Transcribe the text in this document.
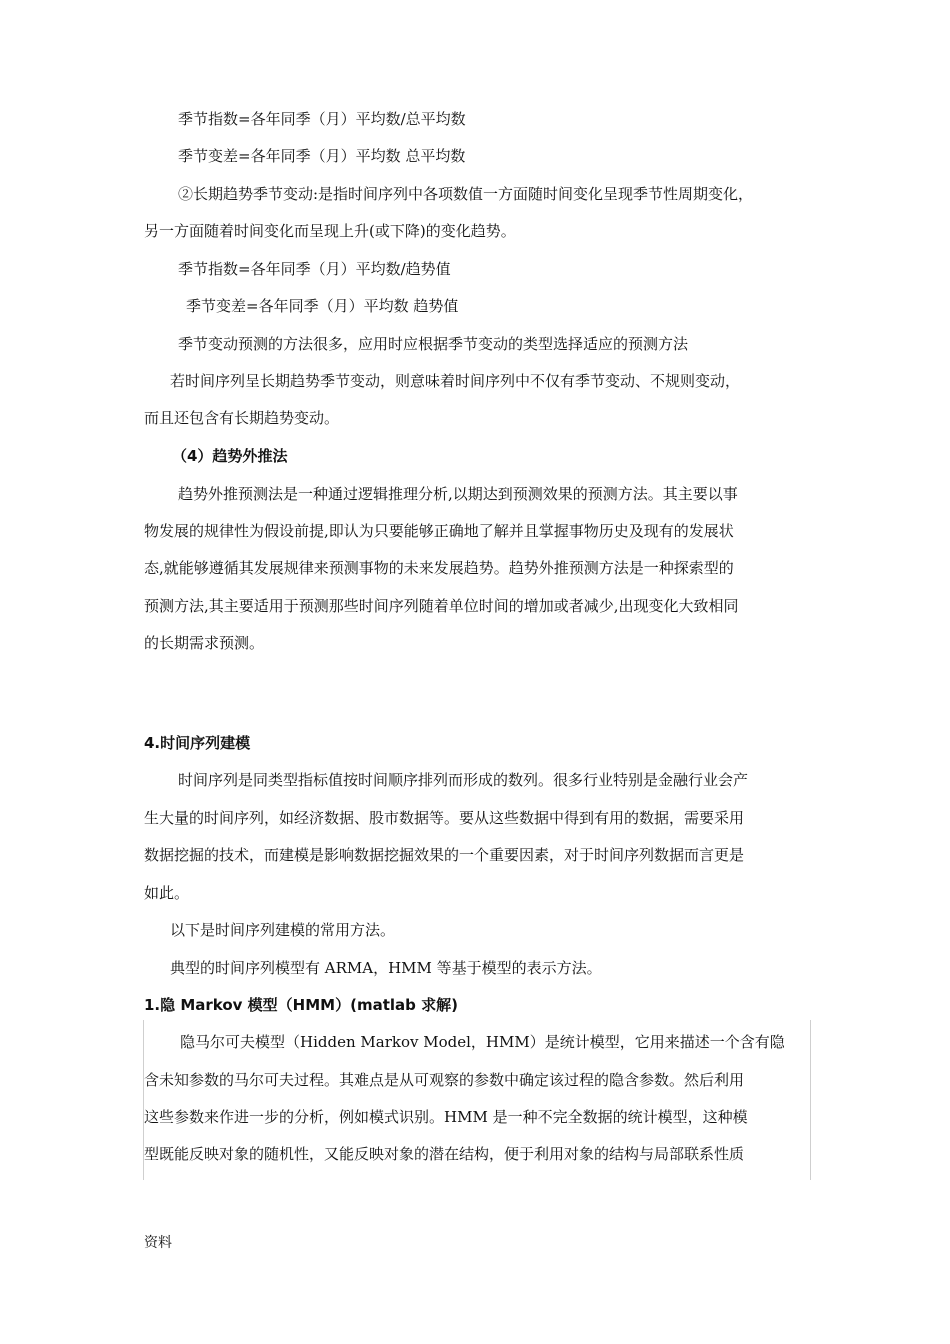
季节指数=各年同季（月）平均数/总平均数
季节变差=各年同季（月）平均数 总平均数
②长期趋势季节变动:是指时间序列中各项数值一方面随时间变化呈现季节性周期变化，
另一方面随着时间变化而呈现上升(或下降)的变化趋势。
季节指数=各年同季（月）平均数/趋势值
季节变差=各年同季（月）平均数 趋势值
季节变动预测的方法很多，应用时应根据季节变动的类型选择适应的预测方法
若时间序列呈长期趋势季节变动，则意味着时间序列中不仅有季节变动、不规则变动，
而且还包含有长期趋势变动。
（4）趋势外推法
趋势外推预测法是一种通过逻辑推理分析,以期达到预测效果的预测方法。其主要以事
物发展的规律性为假设前提,即认为只要能够正确地了解并且掌握事物历史及现有的发展状
态,就能够遵循其发展规律来预测事物的未来发展趋势。趋势外推预测方法是一种探索型的
预测方法,其主要适用于预测那些时间序列随着单位时间的增加或者减少,出现变化大致相同
的长期需求预测。
4.时间序列建模
时间序列是同类型指标值按时间顺序排列而形成的数列。很多行业特别是金融行业会产
生大量的时间序列，如经济数据、股市数据等。要从这些数据中得到有用的数据，需要采用
数据挖掘的技术，而建模是影响数据挖掘效果的一个重要因素，对于时间序列数据而言更是
如此。
以下是时间序列建模的常用方法。
典型的时间序列模型有 ARMA，HMM 等基于模型的表示方法。
1.隐 Markov 模型（HMM）(matlab 求解)
隐马尔可夫模型（Hidden Markov Model，HMM）是统计模型，它用来描述一个含有隐
含未知参数的马尔可夫过程。其难点是从可观察的参数中确定该过程的隐含参数。然后利用
这些参数来作进一步的分析，例如模式识别。HMM 是一种不完全数据的统计模型，这种模
型既能反映对象的随机性，又能反映对象的潜在结构，便于利用对象的结构与局部联系性质
资料
